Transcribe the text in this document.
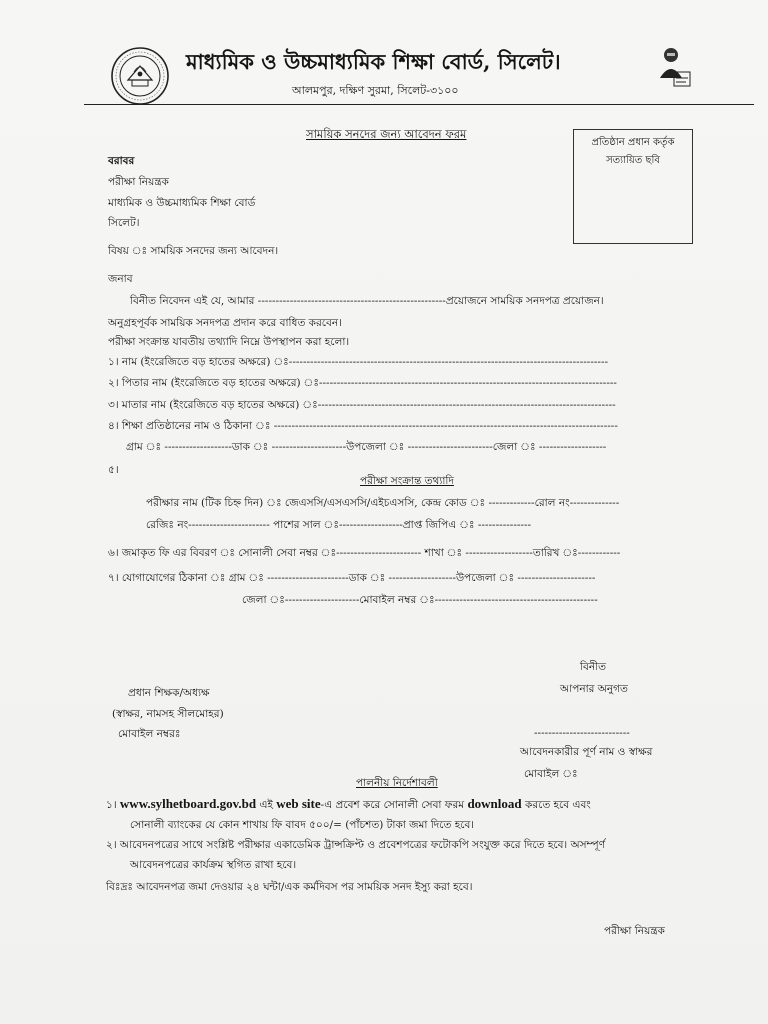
মাধ্যমিক ও উচ্চমাধ্যমিক শিক্ষা বোর্ড, সিলেট।
আলমপুর, দক্ষিণ সুরমা, সিলেট-৩১০০
সাময়িক সনদের জন্য আবেদন ফরম
প্রতিষ্ঠান প্রধান কর্তৃক
সত্যায়িত ছবি
বরাবর
পরীক্ষা নিয়ন্ত্রক
মাধ্যমিক ও উচ্চমাধ্যমিক শিক্ষা বোর্ড
সিলেট।
বিষয় ঃ সাময়িক সনদের জন্য আবেদন।
জনাব
বিনীত নিবেদন এই যে, আমার -----------------------------------------------------প্রয়োজনে সাময়িক সনদপত্র প্রয়োজন।
অনুগ্রহপূর্বক সাময়িক সনদপত্র প্রদান করে বাধিত করবেন।
পরীক্ষা সংক্রান্ত যাবতীয় তথ্যাদি নিম্নে উপস্থাপন করা হলো।
১। নাম (ইংরেজিতে বড় হাতের অক্ষরে) ঃ------------------------------------------------------------------------------------------
২। পিতার নাম (ইংরেজিতে বড় হাতের অক্ষরে) ঃ------------------------------------------------------------------------------------
৩। মাতার নাম (ইংরেজিতে বড় হাতের অক্ষরে) ঃ------------------------------------------------------------------------------------
৪। শিক্ষা প্রতিষ্ঠানের নাম ও ঠিকানা ঃ -------------------------------------------------------------------------------------------------
গ্রাম ঃ -------------------ডাক ঃ ---------------------উপজেলা ঃ ------------------------জেলা ঃ -------------------
৫।
পরীক্ষা সংক্রান্ত তথ্যাদি
পরীক্ষার নাম (টিক চিহ্ন দিন) ঃ জেএসসি/এসএসসি/এইচএসসি, কেন্দ্র কোড ঃ -------------রোল নং--------------
রেজিঃ নং----------------------- পাশের সাল ঃ------------------প্রাপ্ত জিপিএ ঃ ---------------
৬। জমাকৃত ফি এর বিবরণ ঃ সোনালী সেবা নম্বর ঃ------------------------ শাখা ঃ -------------------তারিখ ঃ------------
৭। যোগাযোগের ঠিকানা ঃ গ্রাম ঃ -----------------------ডাক ঃ -------------------উপজেলা ঃ ----------------------
জেলা ঃ---------------------মোবাইল নম্বর ঃ----------------------------------------------
বিনীত
আপনার অনুগত
প্রধান শিক্ষক/অধ্যক্ষ
(স্বাক্ষর, নামসহ সীলমোহর)
মোবাইল নম্বরঃ	---------------------------
আবেদনকারীর পূর্ণ নাম ও স্বাক্ষর
মোবাইল ঃ
পালনীয় নির্দেশাবলী
১। www.sylhetboard.gov.bd এই web site-এ প্রবেশ করে সোনালী সেবা ফরম download করতে হবে এবং
সোনালী ব্যাংকের যে কোন শাখায় ফি বাবদ ৫০০/= (পাঁচশত) টাকা জমা দিতে হবে।
২। আবেদনপত্রের সাথে সংশ্লিষ্ট পরীক্ষার একাডেমিক ট্রান্সক্রিপ্ট ও প্রবেশপত্রের ফটোকপি সংযুক্ত করে দিতে হবে। অসম্পূর্ণ
আবেদনপত্রের কার্যক্রম স্থগিত রাখা হবে।
বিঃদ্রঃ আবেদনপত্র জমা দেওয়ার ২৪ ঘন্টা/এক কর্মদিবস পর সাময়িক সনদ ইস্যু করা হবে।
পরীক্ষা নিয়ন্ত্রক
